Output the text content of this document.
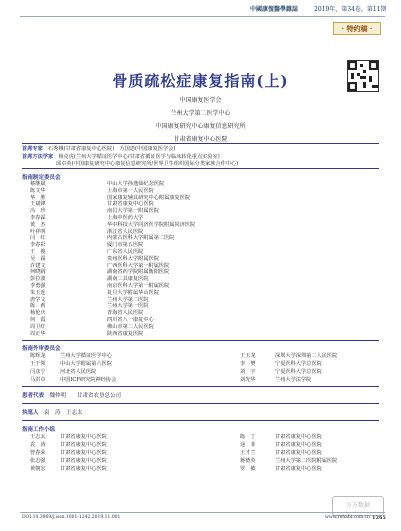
中國康復醫學雜誌	2019年，第34卷，第11期
· 特约稿 ·
骨质疏松症康复指南(上)
中国康复医学会
兰州大学第二医学中心
中国康复研究中心康复信息研究所
甘肃省康复中心医院
首席专家　 石秀娥(甘肃省康复中心医院)　方国恩(中国康复医学会)
首席方法学家　 杨克虎(兰州大学循证医学中心/甘肃省循证医学与临床转化重点实验室)
邱卓英(中国康复研究中心康复信息研究所/世界卫生组织国际分类家族合作中心)
指南制定委员会
蔡继斌	中山大学孙逸仙纪念医院
陈文华	上海市第一人民医院
华　胜	国家康复辅具研究中心附属康复医院
王斌锋	甘肃省康复中心医院
冯　珍	南昌大学第一附属医院
李春霖	上海中医药大学
黄　杰	华中科技大学同济医学院附属同济医院
叶祥明	浙江省人民医院
闫　红	内蒙古医科大学附属第二医院
李春彩	厦门市第五医院
王　俊	广东省人民医院
吴　霜	贵州医科大学附属医院
许建文	广西医科大学第一附属医院
何晓阔	湖南省药学院附属衡阳医院
彭拉波	湖南三具康复医院
李勇强	南京医科大学第一附属医院
朱玉连	复旦大学附属华山医院
唐学文	兰州大学第二医院
陈　莉	兰州大学第一医院
杨伦庆	青海省人民医院
何　霞	四川省八一康复中心
周卫红	佛山市第二人民医院
周正华	陕西省康复医院
指南外审委员会
陈辉龙	兰州大学循证医学中心	王玉龙	深圳大学深圳第二人民医院
王于领	中山大学附属第六医院	李　樊	宁夏医科大学总医院
闫彦宁	河北省人民医院	刘　宇	宁夏医科大学总医院
马洪卓	中国ICF研究院神经协会	刘光华	兰州大学法学院
患者代表　 魏仲明　　甘肃省农垦总公司
执笔人　 袁　涛　王志太
指南工作小组
王志太	甘肃省康复中心医院	陈　丁	甘肃省康复中心医院
袁　涛	甘肃省康复中心医院	逯　菲	甘肃省康复中心医院
曾春荣	甘肃省康复中心医院	王才兰	甘肃省康复中心医院
张志强	甘肃省康复中心医院	蒋德英	兰州大学第二医院附属医院
黄朝宏	甘肃省康复中心医院	罗　敏	甘肃省康复中心医院
万方数据
DOI:10.3969/j.issn.1001-1242.2019.11.001	www.rehabi.com.cn 1265
